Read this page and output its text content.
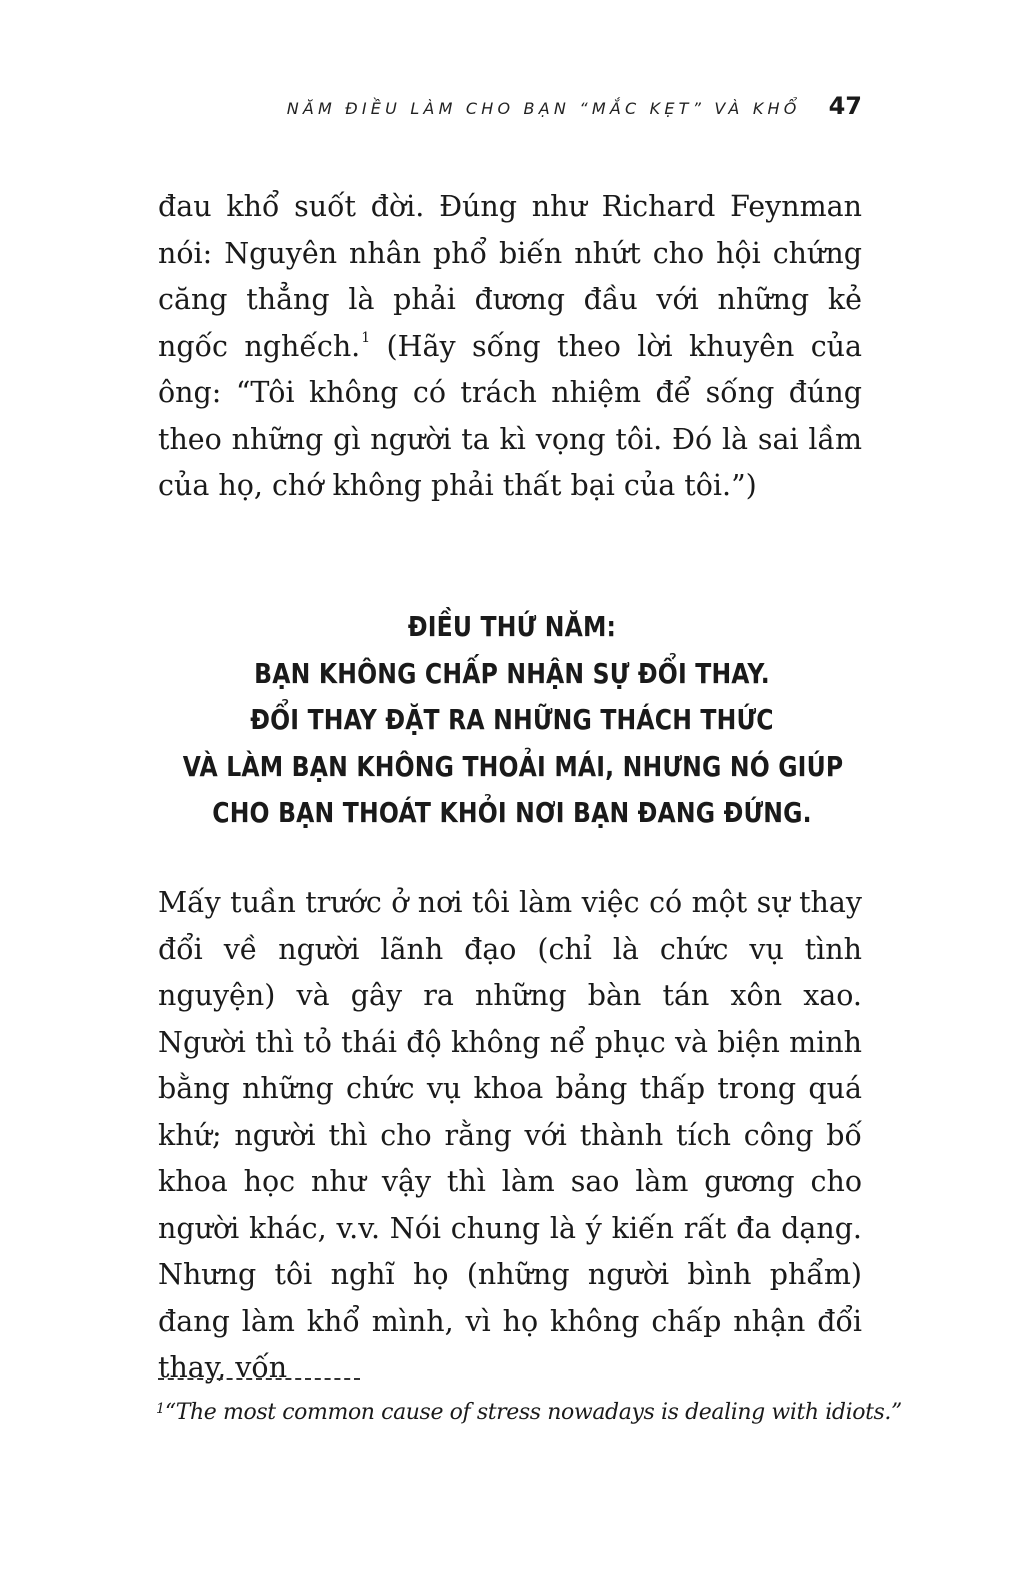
NĂM ĐIỀU LÀM CHO BẠN “MẮC KẸT” VÀ KHỔ 47

đau khổ suốt đời. Đúng như Richard Feynman nói: Nguyên nhân phổ biến nhứt cho hội chứng căng thẳng là phải đương đầu với những kẻ ngốc nghếch.$^1$ (Hãy sống theo lời khuyên của ông: “Tôi không có trách nhiệm để sống đúng theo những gì người ta kì vọng tôi. Đó là sai lầm của họ, chớ không phải thất bại của tôi.”)

ĐIỀU THỨ NĂM:
BẠN KHÔNG CHẤP NHẬN SỰ ĐỔI THAY.
ĐỔI THAY ĐẶT RA NHỮNG THÁCH THỨC
VÀ LÀM BẠN KHÔNG THOẢI MÁI, NHƯNG NÓ GIÚP
CHO BẠN THOÁT KHỎI NƠI BẠN ĐANG ĐỨNG.

Mấy tuần trước ở nơi tôi làm việc có một sự thay đổi về người lãnh đạo (chỉ là chức vụ tình nguyện) và gây ra những bàn tán xôn xao. Người thì tỏ thái độ không nể phục và biện minh bằng những chức vụ khoa bảng thấp trong quá khứ; người thì cho rằng với thành tích công bố khoa học như vậy thì làm sao làm gương cho người khác, v.v. Nói chung là ý kiến rất đa dạng. Nhưng tôi nghĩ họ (những người bình phẩm) đang làm khổ mình, vì họ không chấp nhận đổi thay, vốn

1 “The most common cause of stress nowadays is dealing with idiots.”
